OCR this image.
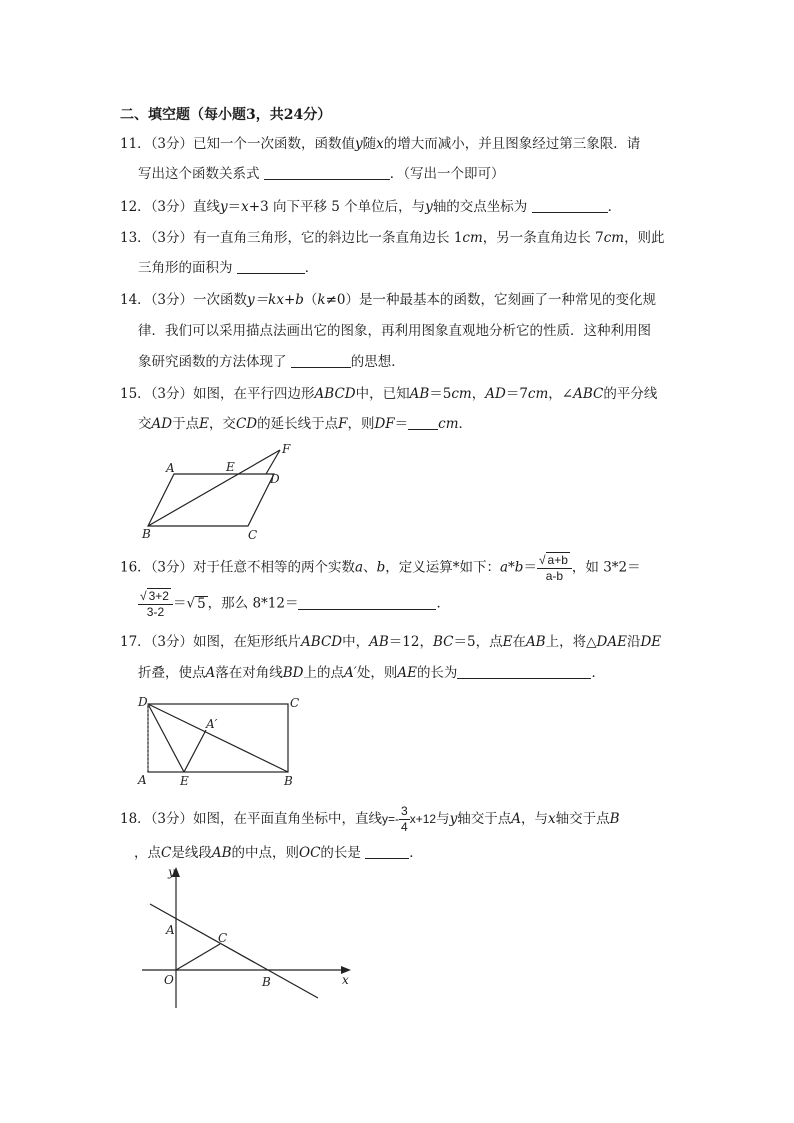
二、填空题（每小题3，共24分）
11．（3分）已知一个一次函数，函数值y随x的增大而减小，并且图象经过第三象限．请
写出这个函数关系式	．（写出一个即可）
12．（3分）直线y＝x+3 向下平移 5 个单位后，与y轴的交点坐标为	．
13．（3分）有一直角三角形，它的斜边比一条直角边长 1cm，另一条直角边长 7cm，则此
三角形的面积为	．
14．（3分）一次函数y＝kx+b（k≠0）是一种最基本的函数，它刻画了一种常见的变化规
律．我们可以采用描点法画出它的图象，再利用图象直观地分析它的性质．这种利用图
象研究函数的方法体现了	的思想．
15．（3分）如图，在平行四边形ABCD中，已知AB＝5cm，AD＝7cm，∠ABC的平分线
交AD于点E，交CD的延长线于点F，则DF＝ cm．
A	E
F
D
B	C
16．（3分）对于任意不相等的两个实数a、b，定义运算*如下：$a*b= \frac{√ a+b}{a-b}$ ，如 3*2＝
$\frac{√ 3+2}{3-2}$ ＝√ 5 ，那么 8*12＝	．
17．（3分）如图，在矩形纸片ABCD中，AB＝12，BC＝5，点E在AB上，将△DAE沿DE
折叠，使点A落在对角线BD上的点A′处，则AE的长为	．
D	C
A′
A	E	B
18．（3分）如图，在平面直角坐标中，直线$y=- \frac{3}{4} x+12$与y轴交于点A，与x轴交于点B
，点C是线段AB的中点，则OC的长是	．
y
x
A
C
O	B
